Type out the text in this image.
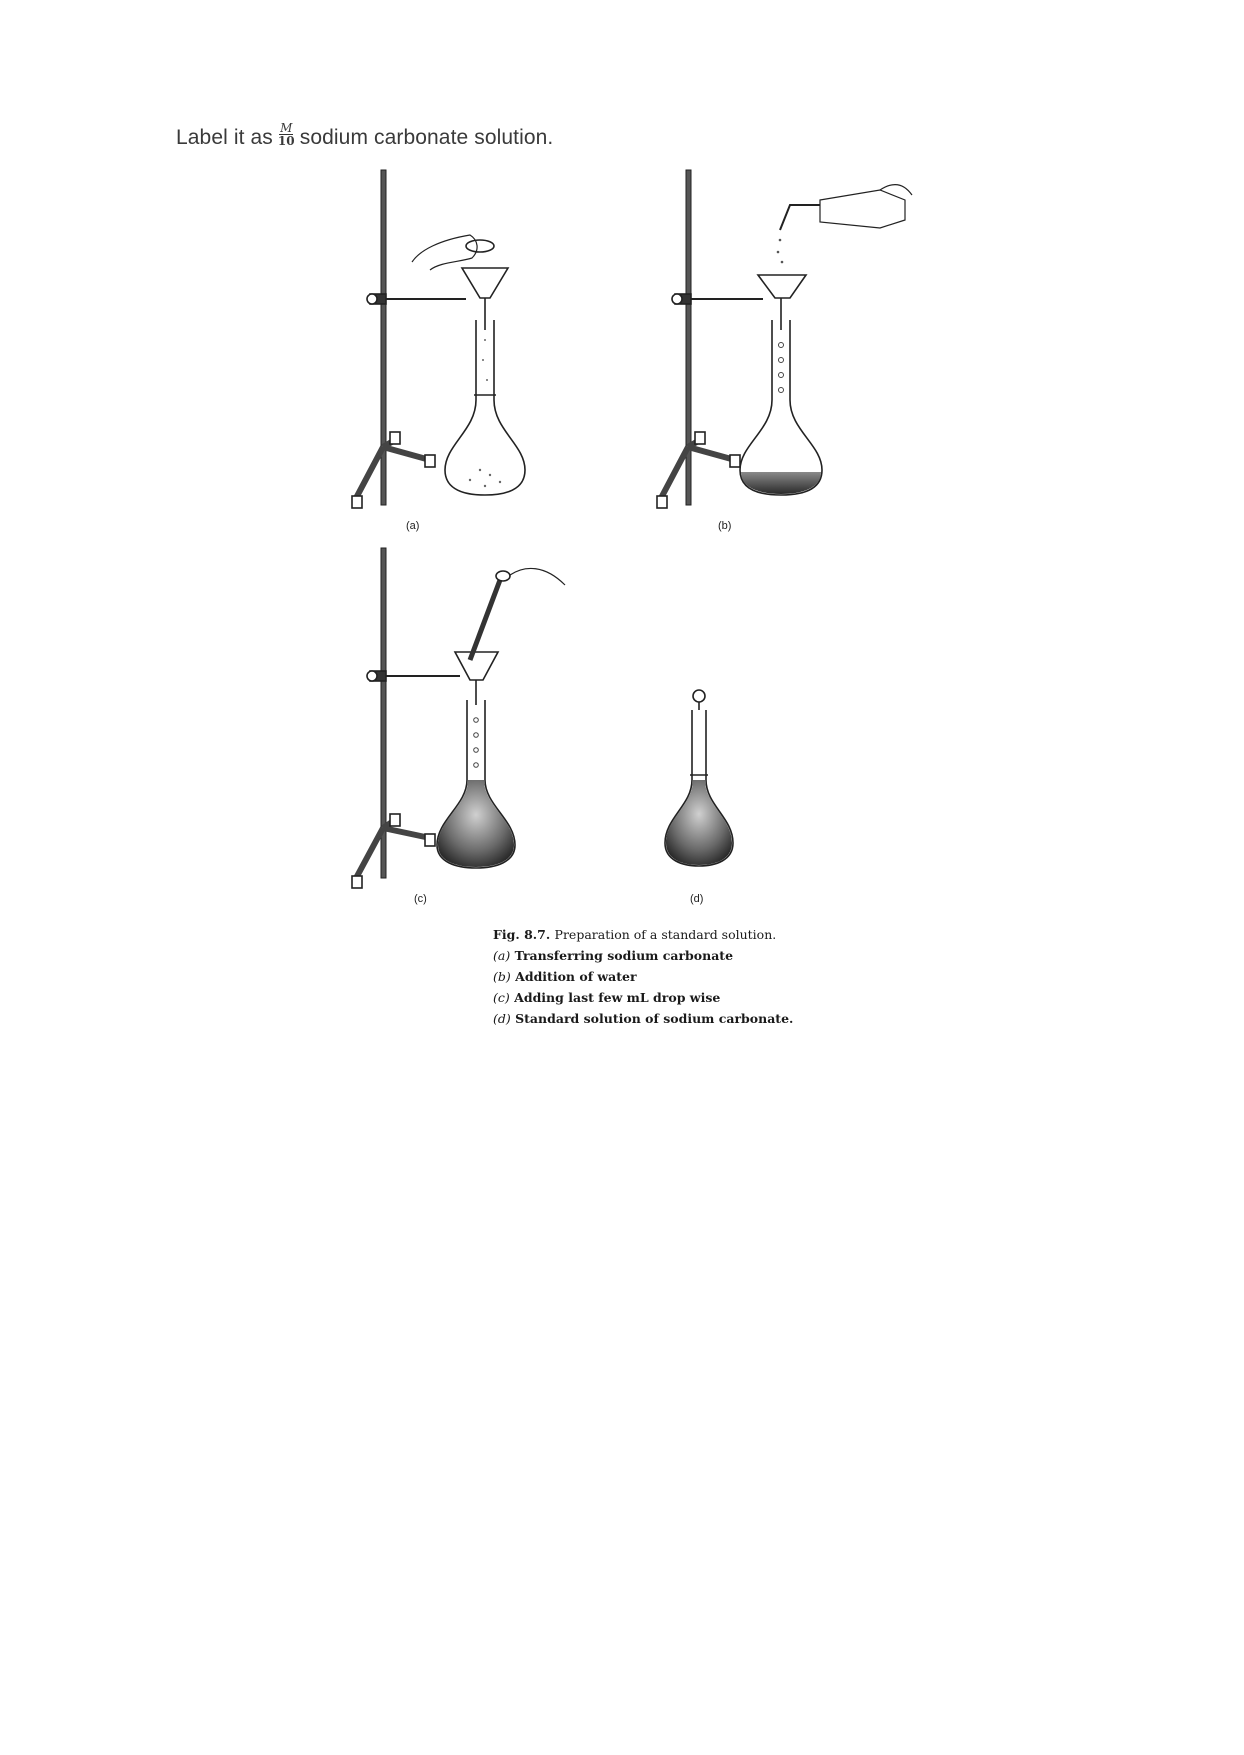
Label it as $\frac{M}{10}$ sodium carbonate solution.
(a)	(b)
(c)	(d)
Fig. 8.7. Preparation of a standard solution.
(a) Transferring sodium carbonate
(b) Addition of water
(c) Adding last few mL drop wise
(d) Standard solution of sodium carbonate.
